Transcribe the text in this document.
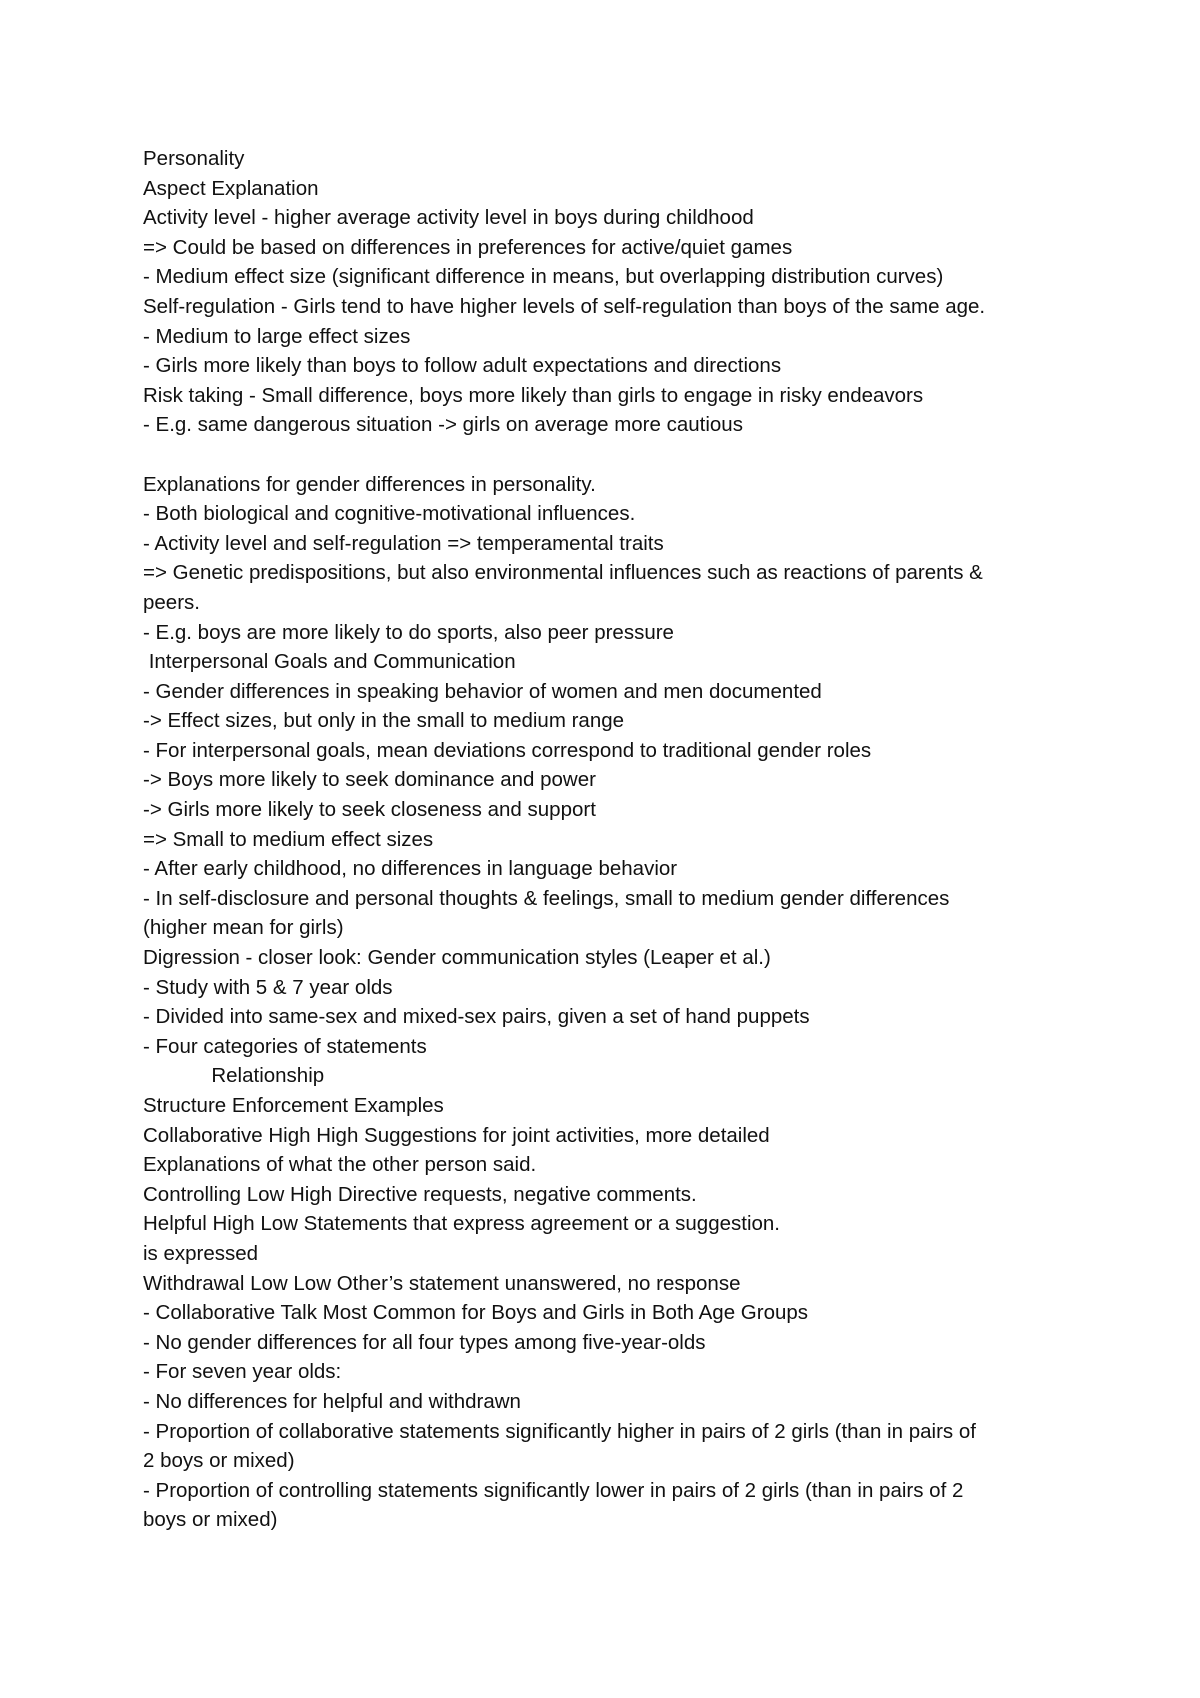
Personality

Aspect Explanation

Activity level - higher average activity level in boys during childhood

=> Could be based on differences in preferences for active/quiet games

- Medium effect size (significant difference in means, but overlapping distribution curves)

Self-regulation - Girls tend to have higher levels of self-regulation than boys of the same age.

- Medium to large effect sizes

- Girls more likely than boys to follow adult expectations and directions

Risk taking - Small difference, boys more likely than girls to engage in risky endeavors

- E.g. same dangerous situation -> girls on average more cautious

Explanations for gender differences in personality.

- Both biological and cognitive-motivational influences.

- Activity level and self-regulation => temperamental traits

=> Genetic predispositions, but also environmental influences such as reactions of parents &

peers.

- E.g. boys are more likely to do sports, also peer pressure

Interpersonal Goals and Communication

- Gender differences in speaking behavior of women and men documented

-> Effect sizes, but only in the small to medium range

- For interpersonal goals, mean deviations correspond to traditional gender roles

-> Boys more likely to seek dominance and power

-> Girls more likely to seek closeness and support

=> Small to medium effect sizes

- After early childhood, no differences in language behavior

- In self-disclosure and personal thoughts & feelings, small to medium gender differences

(higher mean for girls)

Digression - closer look: Gender communication styles (Leaper et al.)

- Study with 5 & 7 year olds

- Divided into same-sex and mixed-sex pairs, given a set of hand puppets

- Four categories of statements

Relationship

Structure Enforcement Examples

Collaborative High High Suggestions for joint activities, more detailed

Explanations of what the other person said.

Controlling Low High Directive requests, negative comments.

Helpful High Low Statements that express agreement or a suggestion.

is expressed

Withdrawal Low Low Other’s statement unanswered, no response

- Collaborative Talk Most Common for Boys and Girls in Both Age Groups

- No gender differences for all four types among five-year-olds

- For seven year olds:

- No differences for helpful and withdrawn

- Proportion of collaborative statements significantly higher in pairs of 2 girls (than in pairs of

2 boys or mixed)

- Proportion of controlling statements significantly lower in pairs of 2 girls (than in pairs of 2

boys or mixed)
